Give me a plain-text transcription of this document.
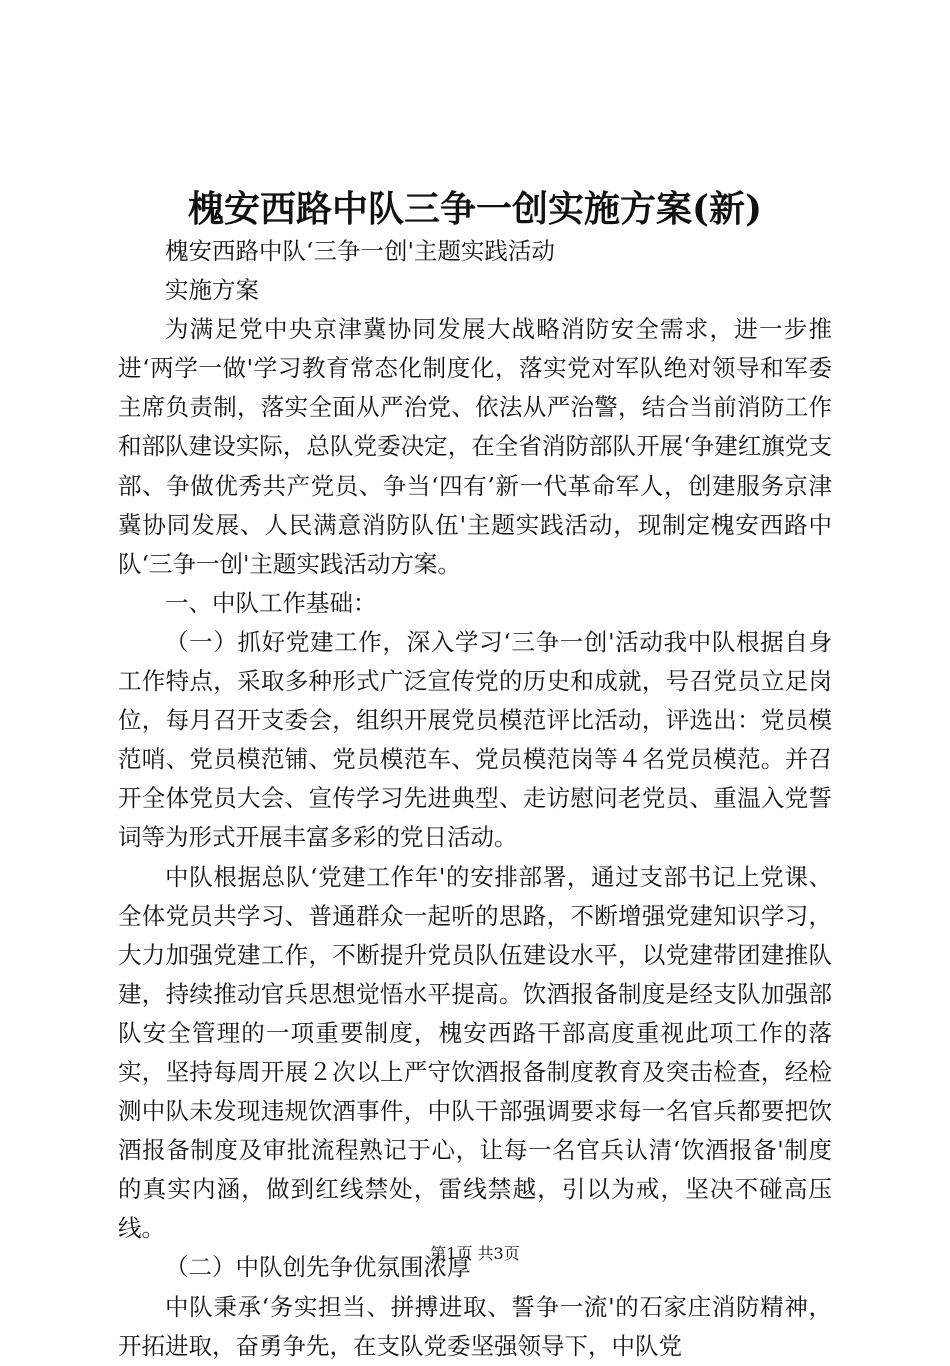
槐安西路中队三争一创实施方案(新)

槐安西路中队‘三争一创'主题实践活动

实施方案

为满足党中央京津冀协同发展大战略消防安全需求，进一步推进‘两学一做'学习教育常态化制度化，落实党对军队绝对领导和军委主席负责制，落实全面从严治党、依法从严治警，结合当前消防工作和部队建设实际，总队党委决定，在全省消防部队开展‘争建红旗党支部、争做优秀共产党员、争当‘四有’新一代革命军人，创建服务京津冀协同发展、人民满意消防队伍'主题实践活动，现制定槐安西路中队‘三争一创'主题实践活动方案。

一、中队工作基础：

（一）抓好党建工作，深入学习‘三争一创'活动我中队根据自身工作特点，采取多种形式广泛宣传党的历史和成就，号召党员立足岗位，每月召开支委会，组织开展党员模范评比活动，评选出：党员模范哨、党员模范铺、党员模范车、党员模范岗等４名党员模范。并召开全体党员大会、宣传学习先进典型、走访慰问老党员、重温入党誓词等为形式开展丰富多彩的党日活动。

中队根据总队‘党建工作年'的安排部署，通过支部书记上党课、全体党员共学习、普通群众一起听的思路，不断增强党建知识学习，大力加强党建工作，不断提升党员队伍建设水平，以党建带团建推队建，持续推动官兵思想觉悟水平提高。饮酒报备制度是经支队加强部队安全管理的一项重要制度，槐安西路干部高度重视此项工作的落实，坚持每周开展２次以上严守饮酒报备制度教育及突击检查，经检测中队未发现违规饮酒事件，中队干部强调要求每一名官兵都要把饮酒报备制度及审批流程熟记于心，让每一名官兵认清‘饮酒报备'制度的真实内涵，做到红线禁处，雷线禁越，引以为戒，坚决不碰高压线。

（二）中队创先争优氛围浓厚

中队秉承‘务实担当、拼搏进取、誓争一流'的石家庄消防精神，开拓进取，奋勇争先，在支队党委坚强领导下，中队党

第1页 共3页
